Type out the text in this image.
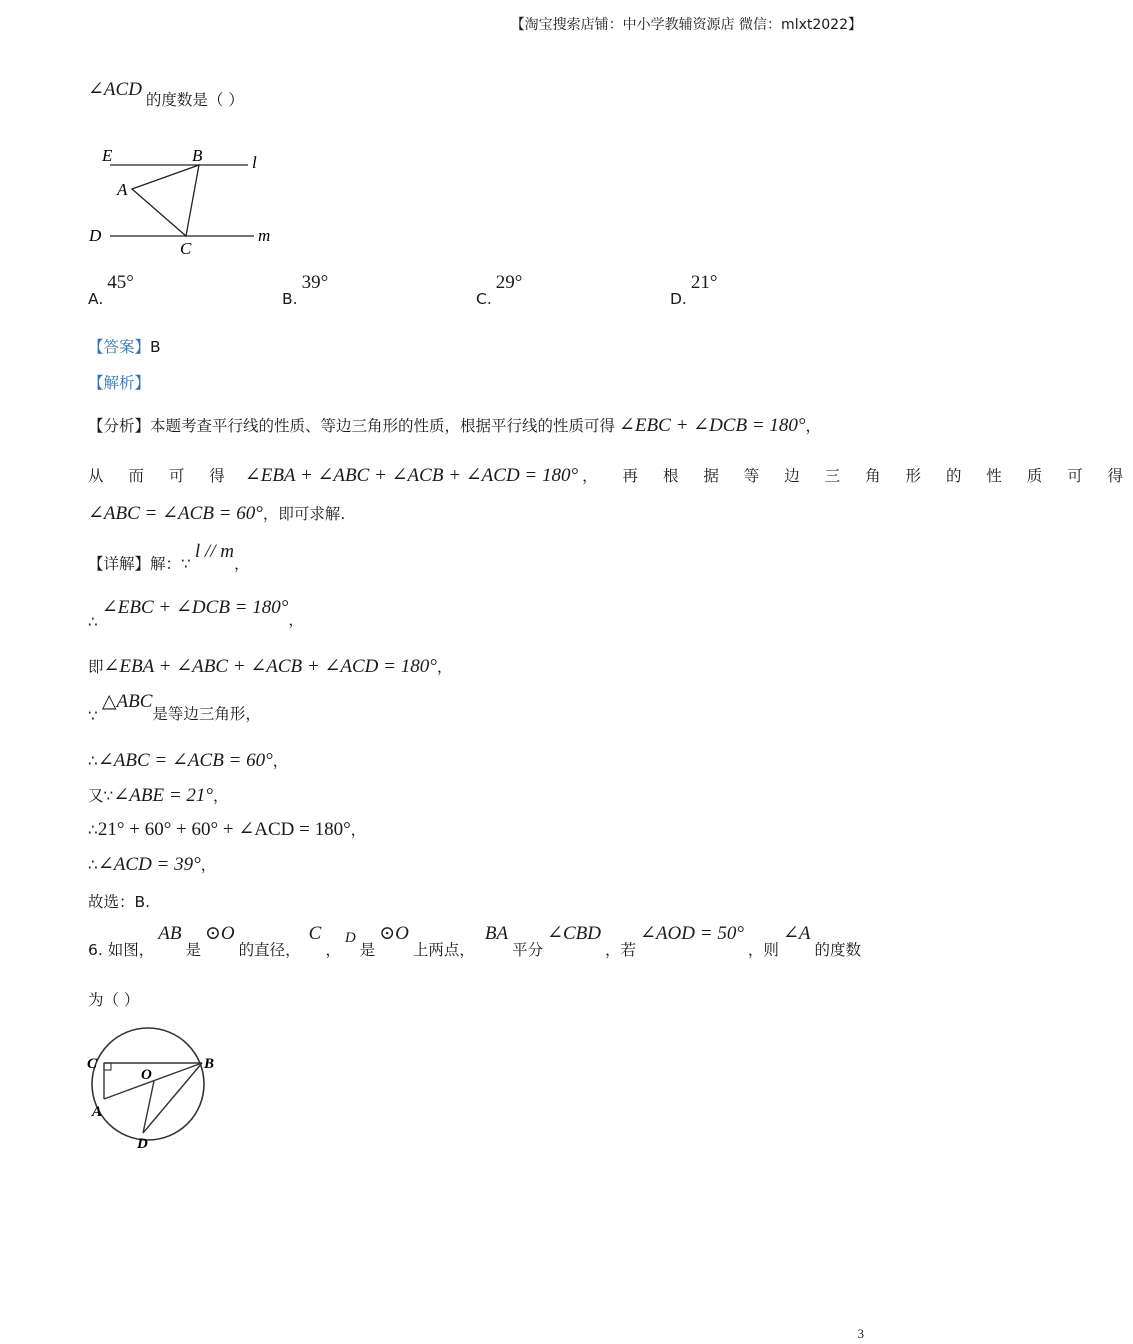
【淘宝搜索店铺：中小学教辅资源店 微信：mlxt2022】
∠ACD 的度数是（ ）
E	B	l
A
D
C
m
A. 45°
B. 39°
C. 29°
D. 21°
【答案】B
【解析】
【分析】本题考查平行线的性质、等边三角形的性质，根据平行线的性质可得 ∠EBC + ∠DCB = 180°，
从 而 可 得 ∠EBA + ∠ABC + ∠ACB + ∠ACD = 180° ， 再 根 据 等 边 三 角 形 的 性 质 可 得
∠ABC = ∠ACB = 60°，即可求解.
【详解】解：∵ l // m，
∴ ∠EBC + ∠DCB = 180°，
即∠EBA + ∠ABC + ∠ACB + ∠ACD = 180°，
∵ △ABC是等边三角形，
∴∠ABC = ∠ACB = 60°，
又∵∠ABE = 21°，
∴21° + 60° + 60° + ∠ACD = 180°，
∴∠ACD = 39°，
故选：B.
6. 如图， AB 是 ⊙O 的直径， C ， D 是 ⊙O 上两点， BA 平分 ∠CBD ，若 ∠AOD = 50° ，则 ∠A 的度数
为（ ）
C
O
B
A
D
3
